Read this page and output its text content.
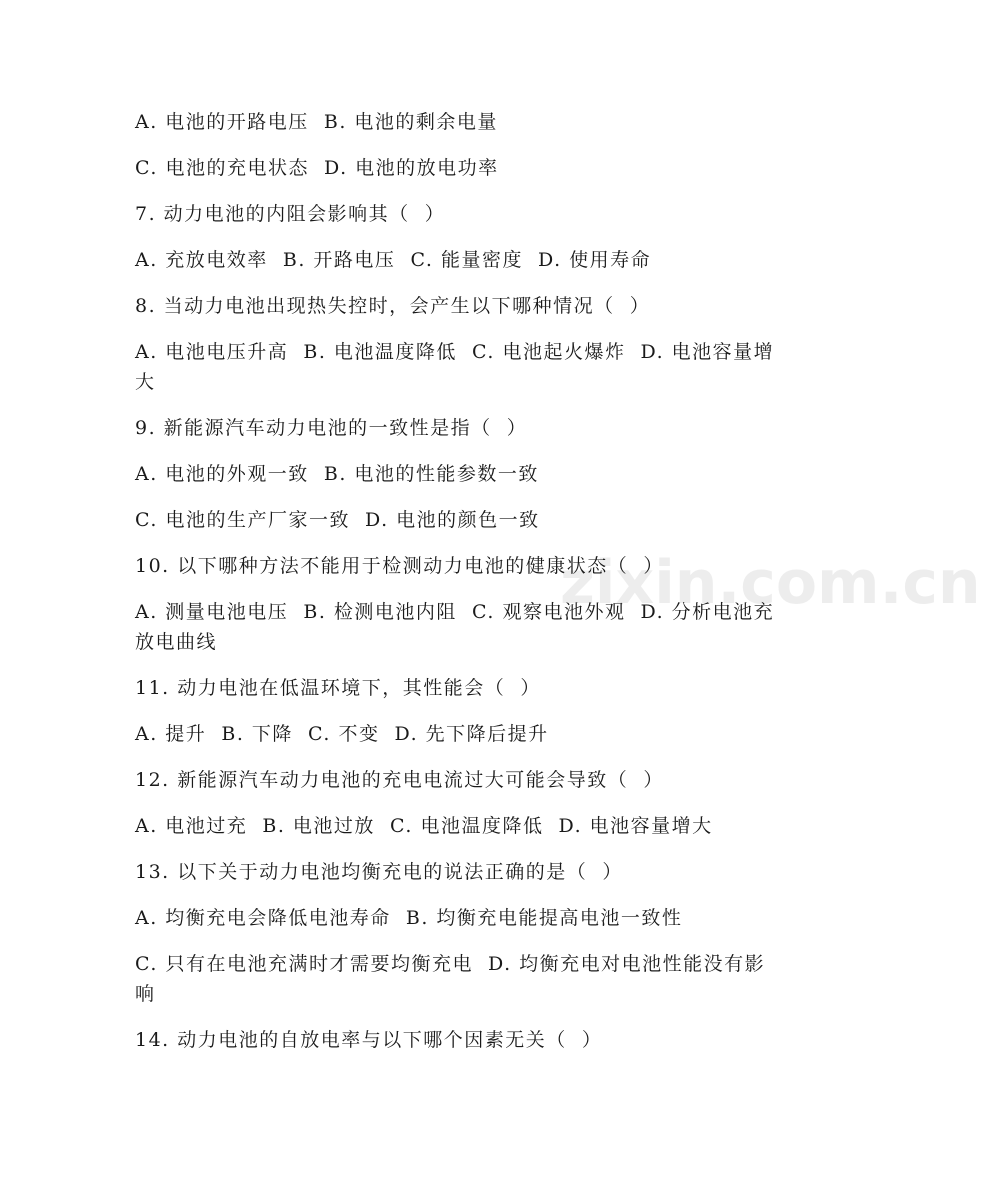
zixin.com.cn
A. 电池的开路电压  B. 电池的剩余电量
C. 电池的充电状态  D. 电池的放电功率
7. 动力电池的内阻会影响其（  ）
A. 充放电效率  B. 开路电压  C. 能量密度  D. 使用寿命
8. 当动力电池出现热失控时，会产生以下哪种情况（  ）
A. 电池电压升高  B. 电池温度降低  C. 电池起火爆炸  D. 电池容量增大
9. 新能源汽车动力电池的一致性是指（  ）
A. 电池的外观一致  B. 电池的性能参数一致
C. 电池的生产厂家一致  D. 电池的颜色一致
10. 以下哪种方法不能用于检测动力电池的健康状态（  ）
A. 测量电池电压  B. 检测电池内阻  C. 观察电池外观  D. 分析电池充放电曲线
11. 动力电池在低温环境下，其性能会（  ）
A. 提升  B. 下降  C. 不变  D. 先下降后提升
12. 新能源汽车动力电池的充电电流过大可能会导致（  ）
A. 电池过充  B. 电池过放  C. 电池温度降低  D. 电池容量增大
13. 以下关于动力电池均衡充电的说法正确的是（  ）
A. 均衡充电会降低电池寿命  B. 均衡充电能提高电池一致性
C. 只有在电池充满时才需要均衡充电  D. 均衡充电对电池性能没有影响
14. 动力电池的自放电率与以下哪个因素无关（  ）
